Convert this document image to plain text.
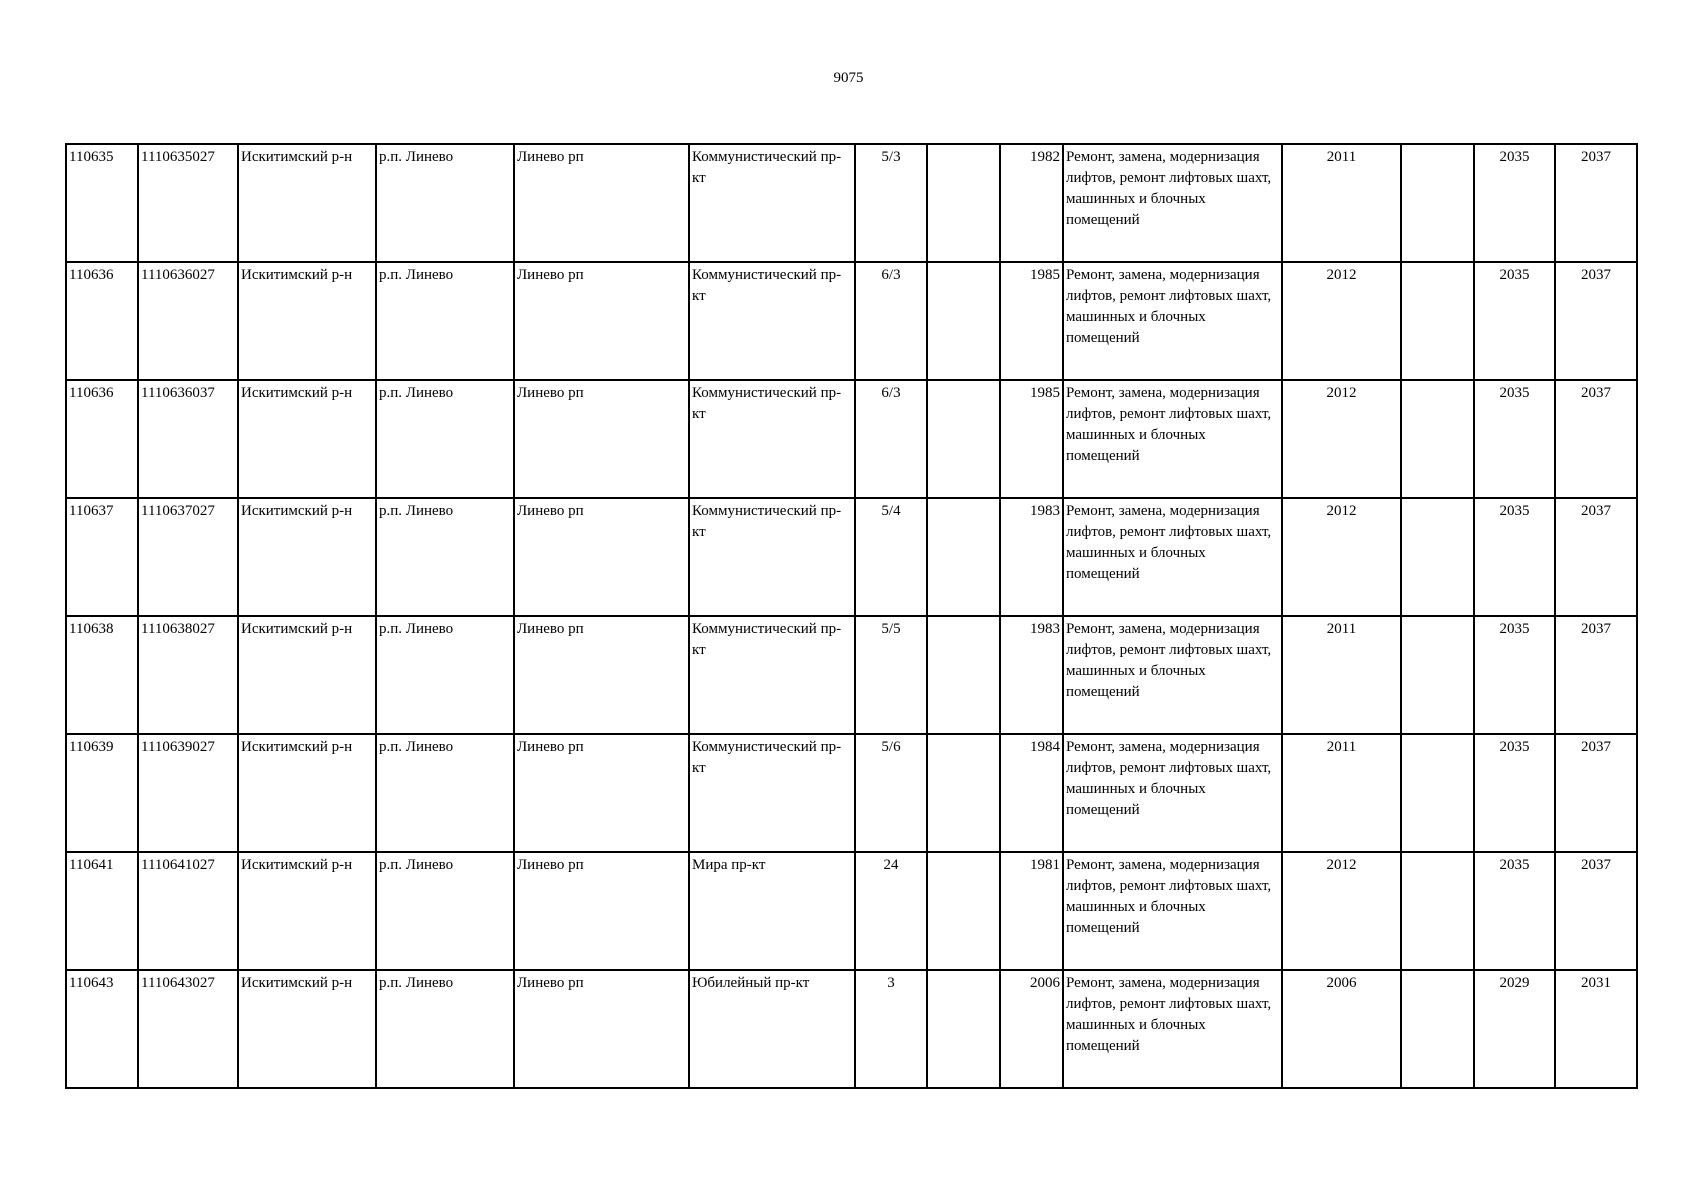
9075
110635	1110635027	Искитимский р-н	р.п. Линево	Линево рп	Коммунистический пр-кт	5/3		1982	Ремонт, замена, модернизация лифтов, ремонт лифтовых шахт, машинных и блочных помещений	2011		2035	2037
110636	1110636027	Искитимский р-н	р.п. Линево	Линево рп	Коммунистический пр-кт	6/3		1985	Ремонт, замена, модернизация лифтов, ремонт лифтовых шахт, машинных и блочных помещений	2012		2035	2037
110636	1110636037	Искитимский р-н	р.п. Линево	Линево рп	Коммунистический пр-кт	6/3		1985	Ремонт, замена, модернизация лифтов, ремонт лифтовых шахт, машинных и блочных помещений	2012		2035	2037
110637	1110637027	Искитимский р-н	р.п. Линево	Линево рп	Коммунистический пр-кт	5/4		1983	Ремонт, замена, модернизация лифтов, ремонт лифтовых шахт, машинных и блочных помещений	2012		2035	2037
110638	1110638027	Искитимский р-н	р.п. Линево	Линево рп	Коммунистический пр-кт	5/5		1983	Ремонт, замена, модернизация лифтов, ремонт лифтовых шахт, машинных и блочных помещений	2011		2035	2037
110639	1110639027	Искитимский р-н	р.п. Линево	Линево рп	Коммунистический пр-кт	5/6		1984	Ремонт, замена, модернизация лифтов, ремонт лифтовых шахт, машинных и блочных помещений	2011		2035	2037
110641	1110641027	Искитимский р-н	р.п. Линево	Линево рп	Мира пр-кт	24		1981	Ремонт, замена, модернизация лифтов, ремонт лифтовых шахт, машинных и блочных помещений	2012		2035	2037
110643	1110643027	Искитимский р-н	р.п. Линево	Линево рп	Юбилейный пр-кт	3		2006	Ремонт, замена, модернизация лифтов, ремонт лифтовых шахт, машинных и блочных помещений	2006		2029	2031
